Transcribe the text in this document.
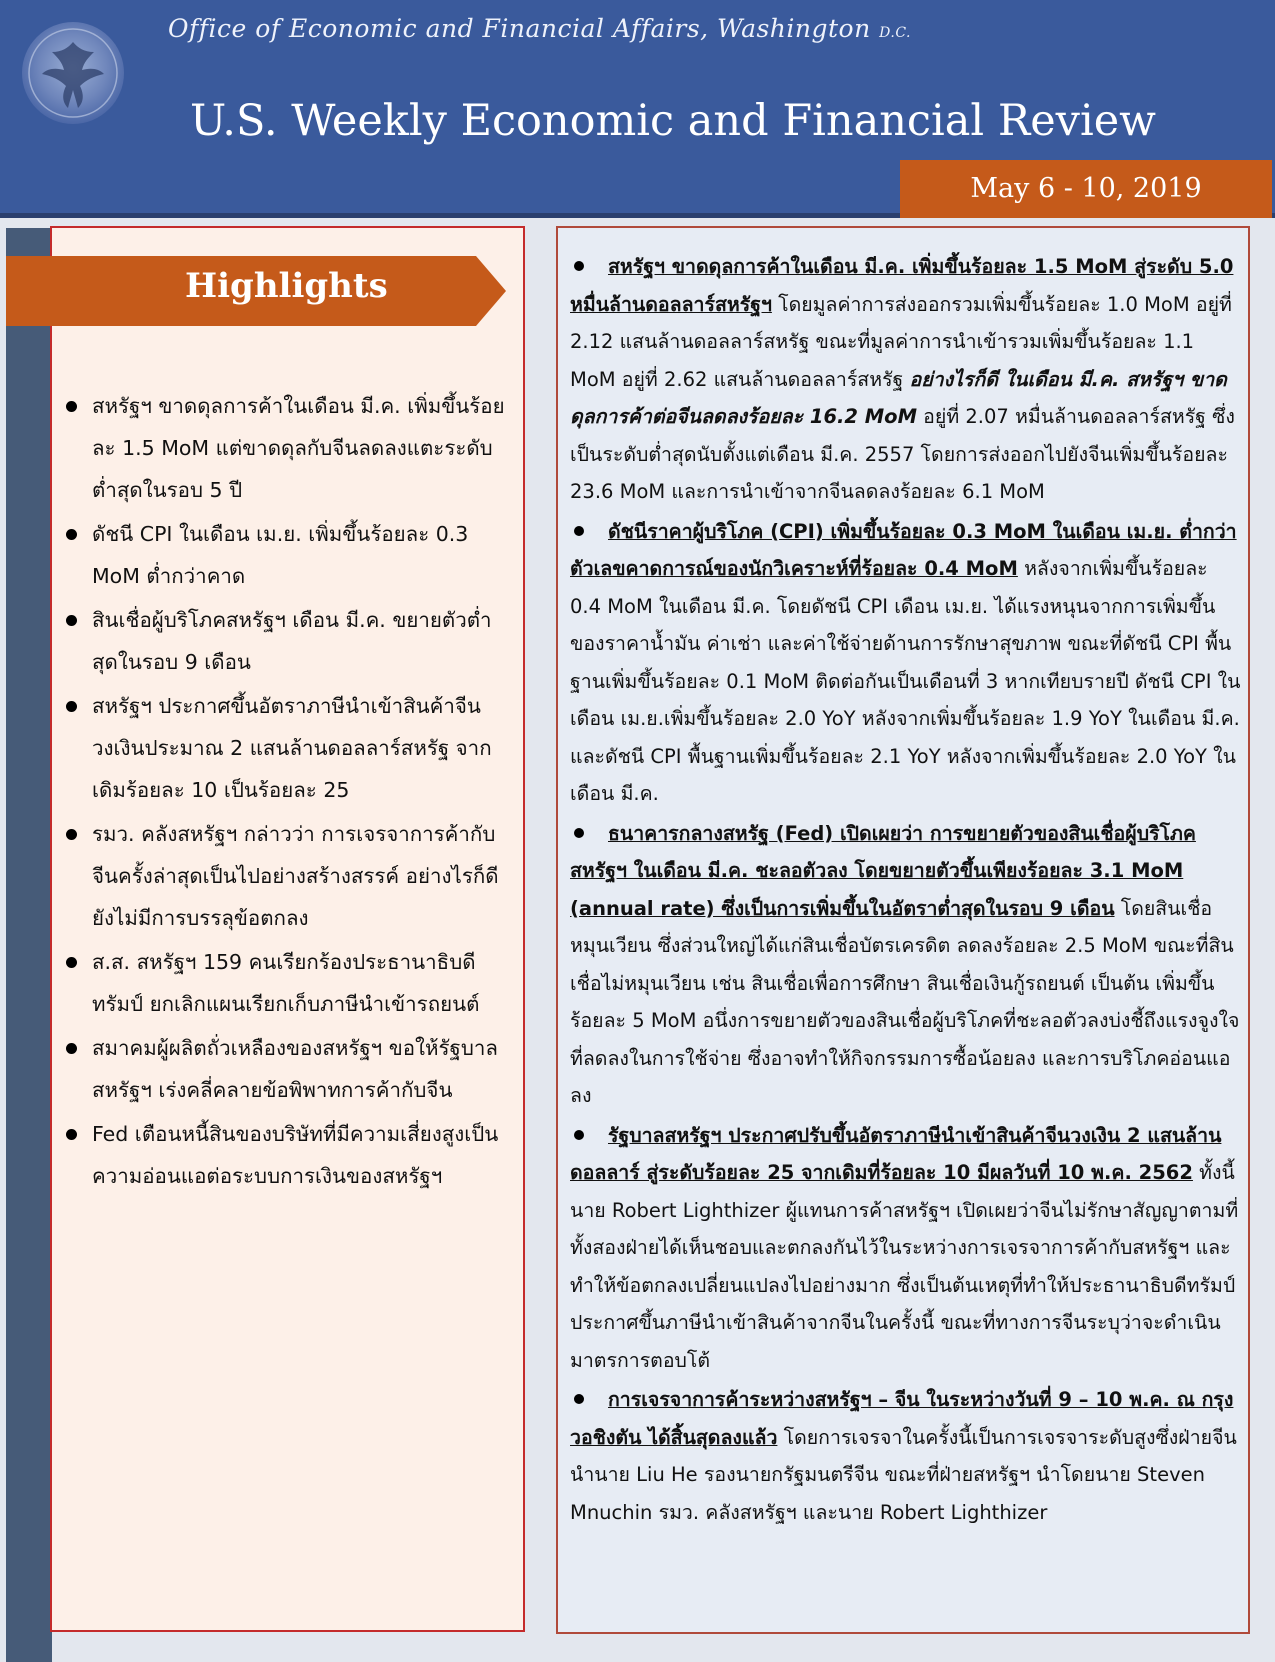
Office of Economic and Financial Affairs, Washington D.C.
U.S. Weekly Economic and Financial Review
May 6 - 10, 2019
Highlights
สหรัฐฯ ขาดดุลการค้าในเดือน มี.ค. เพิ่มขึ้นร้อยละ 1.5 MoM แต่ขาดดุลกับจีนลดลงแตะระดับต่ำสุดในรอบ 5 ปี
ดัชนี CPI ในเดือน เม.ย. เพิ่มขึ้นร้อยละ 0.3 MoM ต่ำกว่าคาด
สินเชื่อผู้บริโภคสหรัฐฯ เดือน มี.ค. ขยายตัวต่ำสุดในรอบ 9 เดือน
สหรัฐฯ ประกาศขึ้นอัตราภาษีนำเข้าสินค้าจีนวงเงินประมาณ 2 แสนล้านดอลลาร์สหรัฐ จากเดิมร้อยละ 10 เป็นร้อยละ 25
รมว. คลังสหรัฐฯ กล่าวว่า การเจรจาการค้ากับจีนครั้งล่าสุดเป็นไปอย่างสร้างสรรค์ อย่างไรก็ดียังไม่มีการบรรลุข้อตกลง
ส.ส. สหรัฐฯ 159 คนเรียกร้องประธานาธิบดีทรัมป์ ยกเลิกแผนเรียกเก็บภาษีนำเข้ารถยนต์
สมาคมผู้ผลิตถั่วเหลืองของสหรัฐฯ ขอให้รัฐบาลสหรัฐฯ เร่งคลี่คลายข้อพิพาทการค้ากับจีน
Fed เตือนหนี้สินของบริษัทที่มีความเสี่ยงสูงเป็นความอ่อนแอต่อระบบการเงินของสหรัฐฯ
สหรัฐฯ ขาดดุลการค้าในเดือน มี.ค. เพิ่มขึ้นร้อยละ 1.5 MoM สู่ระดับ 5.0 หมื่นล้านดอลลาร์สหรัฐฯ โดยมูลค่าการส่งออกรวมเพิ่มขึ้นร้อยละ 1.0 MoM อยู่ที่ 2.12 แสนล้านดอลลาร์สหรัฐ ขณะที่มูลค่าการนำเข้ารวมเพิ่มขึ้นร้อยละ 1.1 MoM อยู่ที่ 2.62 แสนล้านดอลลาร์สหรัฐ อย่างไรก็ดี ในเดือน มี.ค. สหรัฐฯ ขาดดุลการค้าต่อจีนลดลงร้อยละ 16.2 MoM อยู่ที่ 2.07 หมื่นล้านดอลลาร์สหรัฐ ซึ่งเป็นระดับต่ำสุดนับตั้งแต่เดือน มี.ค. 2557 โดยการส่งออกไปยังจีนเพิ่มขึ้นร้อยละ 23.6 MoM และการนำเข้าจากจีนลดลงร้อยละ 6.1 MoM
ดัชนีราคาผู้บริโภค (CPI) เพิ่มขึ้นร้อยละ 0.3 MoM ในเดือน เม.ย. ต่ำกว่าตัวเลขคาดการณ์ของนักวิเคราะห์ที่ร้อยละ 0.4 MoM หลังจากเพิ่มขึ้นร้อยละ 0.4 MoM ในเดือน มี.ค. โดยดัชนี CPI เดือน เม.ย. ได้แรงหนุนจากการเพิ่มขึ้นของราคาน้ำมัน ค่าเช่า และค่าใช้จ่ายด้านการรักษาสุขภาพ ขณะที่ดัชนี CPI พื้นฐานเพิ่มขึ้นร้อยละ 0.1 MoM ติดต่อกันเป็นเดือนที่ 3 หากเทียบรายปี ดัชนี CPI ในเดือน เม.ย.เพิ่มขึ้นร้อยละ 2.0 YoY หลังจากเพิ่มขึ้นร้อยละ 1.9 YoY ในเดือน มี.ค. และดัชนี CPI พื้นฐานเพิ่มขึ้นร้อยละ 2.1 YoY หลังจากเพิ่มขึ้นร้อยละ 2.0 YoY ในเดือน มี.ค.
ธนาคารกลางสหรัฐ (Fed) เปิดเผยว่า การขยายตัวของสินเชื่อผู้บริโภคสหรัฐฯ ในเดือน มี.ค. ชะลอตัวลง โดยขยายตัวขึ้นเพียงร้อยละ 3.1 MoM (annual rate) ซึ่งเป็นการเพิ่มขึ้นในอัตราต่ำสุดในรอบ 9 เดือน โดยสินเชื่อหมุนเวียน ซึ่งส่วนใหญ่ได้แก่สินเชื่อบัตรเครดิต ลดลงร้อยละ 2.5 MoM ขณะที่สินเชื่อไม่หมุนเวียน เช่น สินเชื่อเพื่อการศึกษา สินเชื่อเงินกู้รถยนต์ เป็นต้น เพิ่มขึ้นร้อยละ 5 MoM อนึ่งการขยายตัวของสินเชื่อผู้บริโภคที่ชะลอตัวลงบ่งชี้ถึงแรงจูงใจที่ลดลงในการใช้จ่าย ซึ่งอาจทำให้กิจกรรมการซื้อน้อยลง และการบริโภคอ่อนแอลง
รัฐบาลสหรัฐฯ ประกาศปรับขึ้นอัตราภาษีนำเข้าสินค้าจีนวงเงิน 2 แสนล้านดอลลาร์ สู่ระดับร้อยละ 25 จากเดิมที่ร้อยละ 10 มีผลวันที่ 10 พ.ค. 2562 ทั้งนี้นาย Robert Lighthizer ผู้แทนการค้าสหรัฐฯ เปิดเผยว่าจีนไม่รักษาสัญญาตามที่ทั้งสองฝ่ายได้เห็นชอบและตกลงกันไว้ในระหว่างการเจรจาการค้ากับสหรัฐฯ และทำให้ข้อตกลงเปลี่ยนแปลงไปอย่างมาก ซึ่งเป็นต้นเหตุที่ทำให้ประธานาธิบดีทรัมป์ ประกาศขึ้นภาษีนำเข้าสินค้าจากจีนในครั้งนี้ ขณะที่ทางการจีนระบุว่าจะดำเนินมาตรการตอบโต้
การเจรจาการค้าระหว่างสหรัฐฯ – จีน ในระหว่างวันที่ 9 – 10 พ.ค. ณ กรุงวอชิงตัน ได้สิ้นสุดลงแล้ว โดยการเจรจาในครั้งนี้เป็นการเจรจาระดับสูงซึ่งฝ่ายจีนนำนาย Liu He รองนายกรัฐมนตรีจีน ขณะที่ฝ่ายสหรัฐฯ นำโดยนาย Steven Mnuchin รมว. คลังสหรัฐฯ และนาย Robert Lighthizer
